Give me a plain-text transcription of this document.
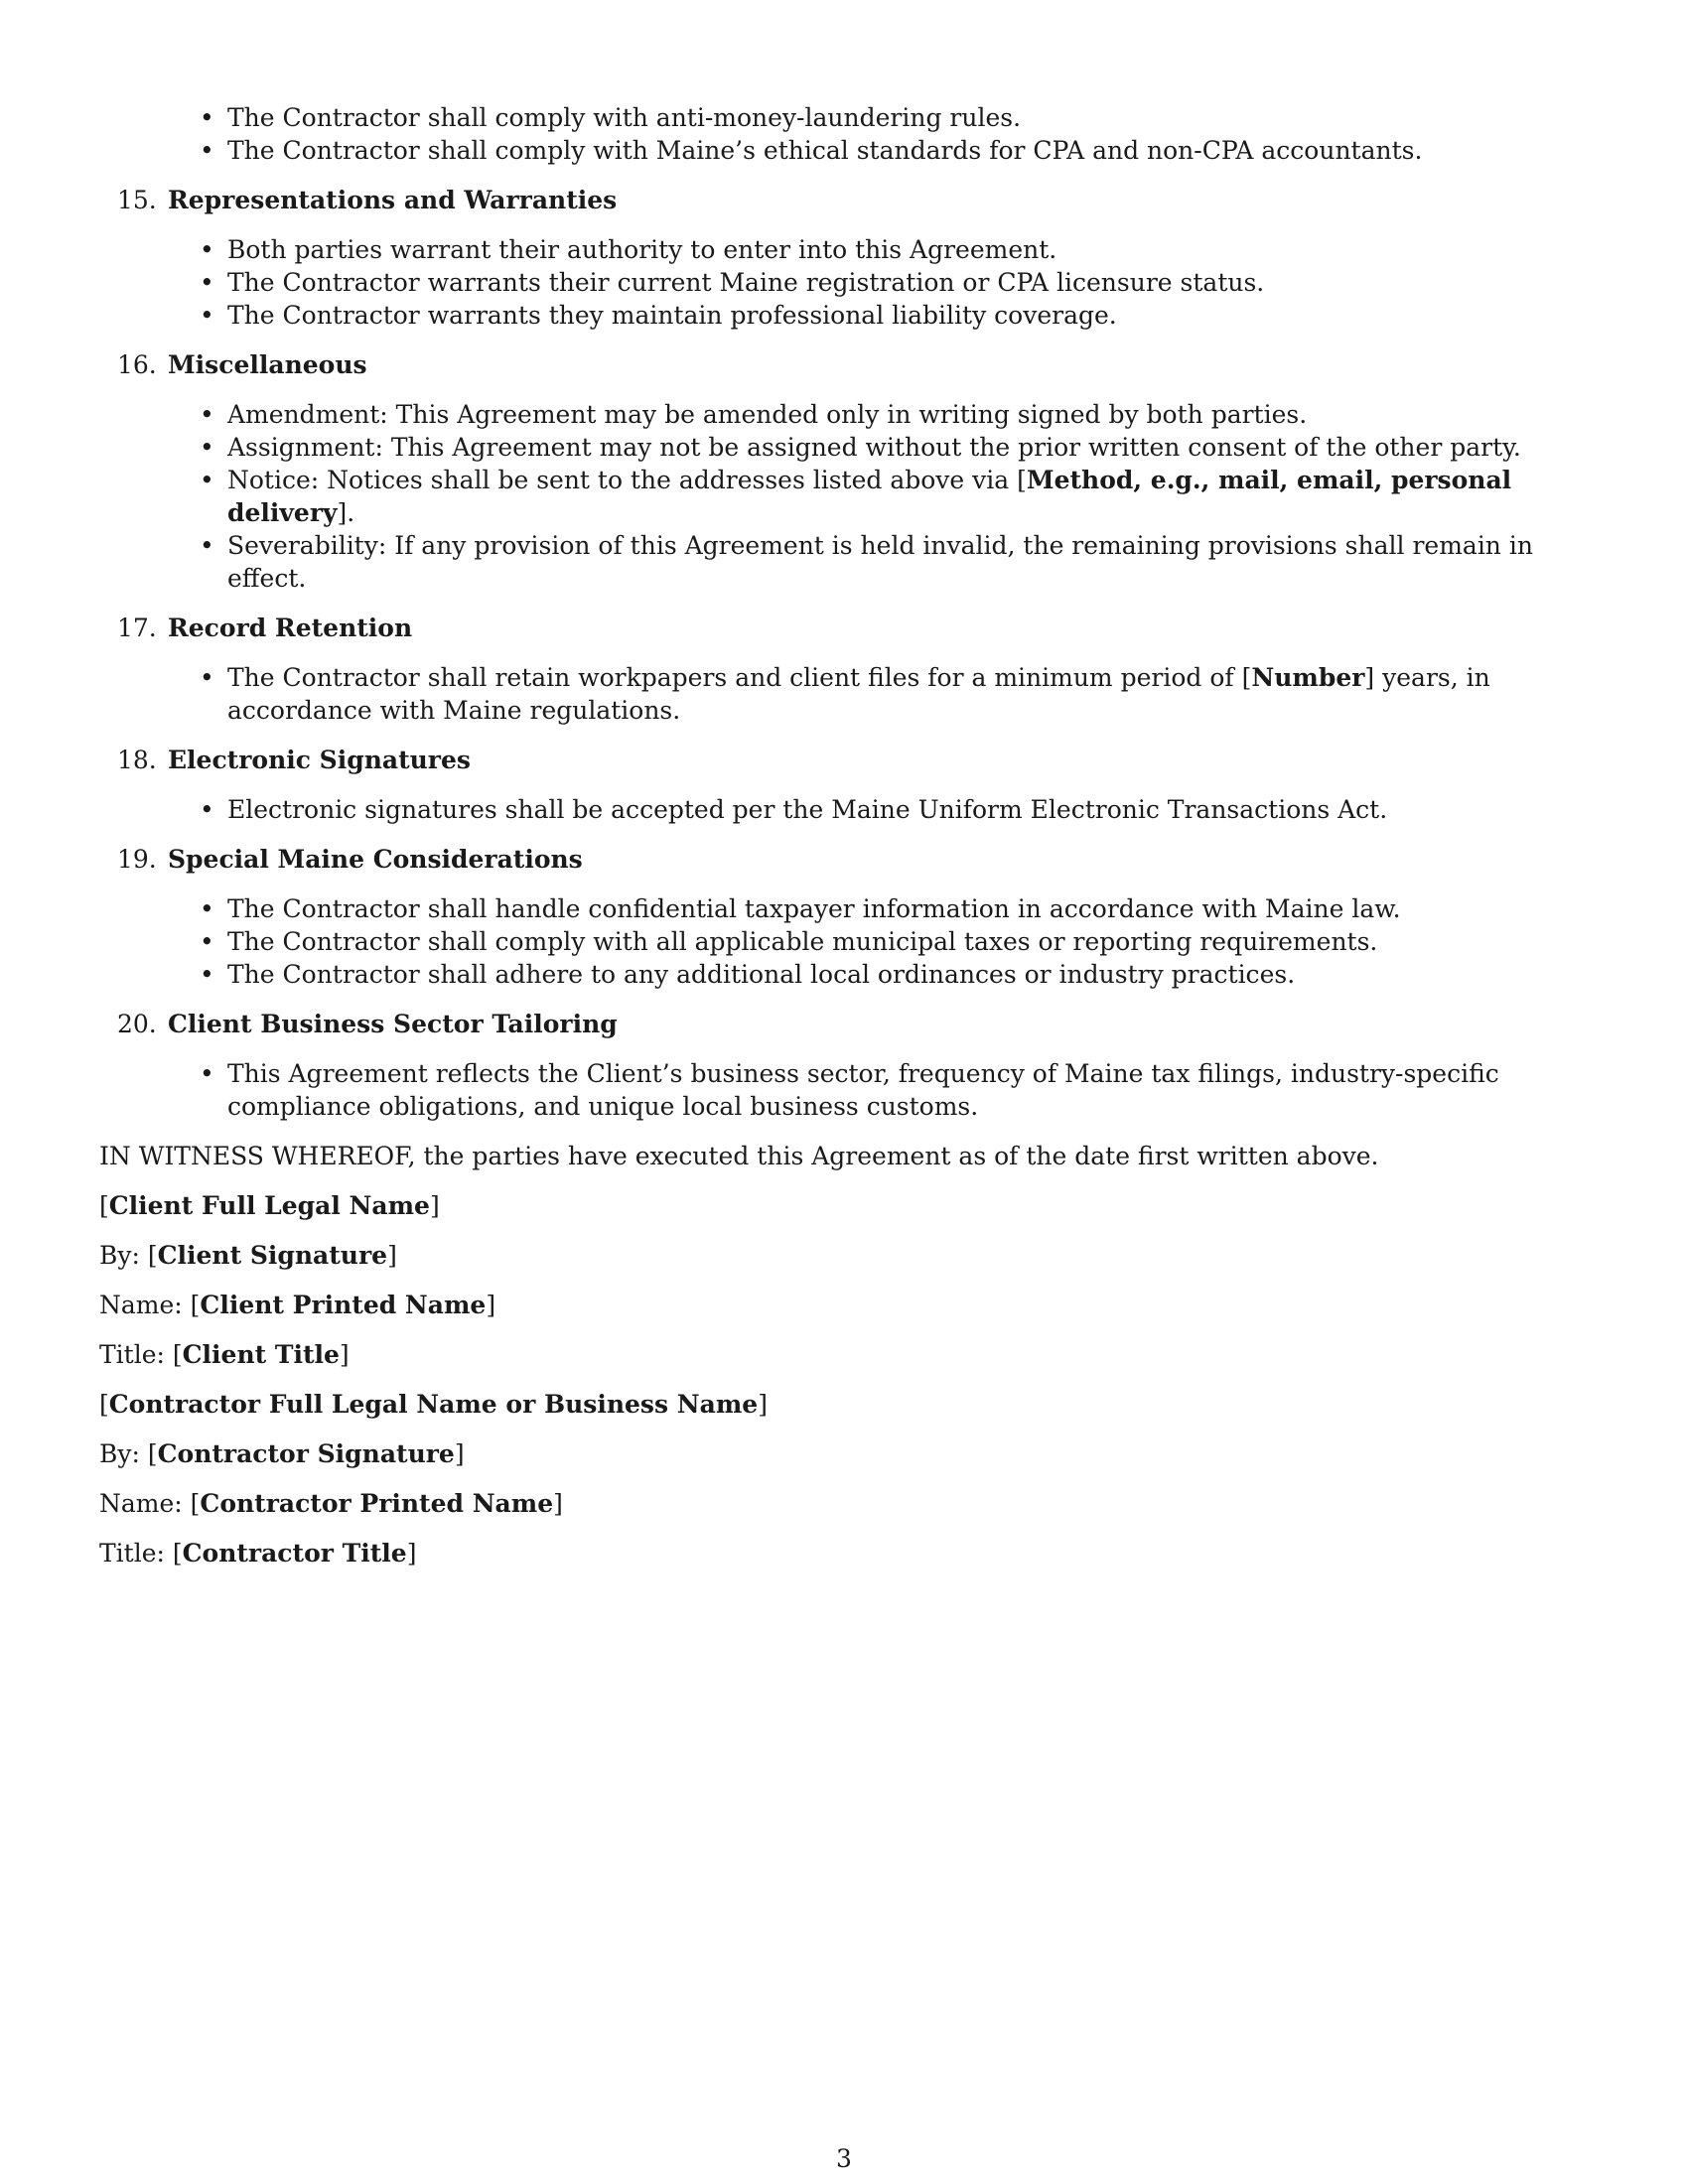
• The Contractor shall comply with anti-money-laundering rules.
• The Contractor shall comply with Maine’s ethical standards for CPA and non-CPA accountants.
15. Representations and Warranties
• Both parties warrant their authority to enter into this Agreement.
• The Contractor warrants their current Maine registration or CPA licensure status.
• The Contractor warrants they maintain professional liability coverage.
16. Miscellaneous
• Amendment: This Agreement may be amended only in writing signed by both parties.
• Assignment: This Agreement may not be assigned without the prior written consent of the other party.
• Notice: Notices shall be sent to the addresses listed above via [Method, e.g., mail, email, personal delivery].
• Severability: If any provision of this Agreement is held invalid, the remaining provisions shall remain in effect.
17. Record Retention
• The Contractor shall retain workpapers and client files for a minimum period of [Number] years, in accordance with Maine regulations.
18. Electronic Signatures
• Electronic signatures shall be accepted per the Maine Uniform Electronic Transactions Act.
19. Special Maine Considerations
• The Contractor shall handle confidential taxpayer information in accordance with Maine law.
• The Contractor shall comply with all applicable municipal taxes or reporting requirements.
• The Contractor shall adhere to any additional local ordinances or industry practices.
20. Client Business Sector Tailoring
• This Agreement reflects the Client’s business sector, frequency of Maine tax filings, industry-specific compliance obligations, and unique local business customs.

IN WITNESS WHEREOF, the parties have executed this Agreement as of the date first written above.

[Client Full Legal Name]

By: [Client Signature]

Name: [Client Printed Name]

Title: [Client Title]

[Contractor Full Legal Name or Business Name]

By: [Contractor Signature]

Name: [Contractor Printed Name]

Title: [Contractor Title]

3
